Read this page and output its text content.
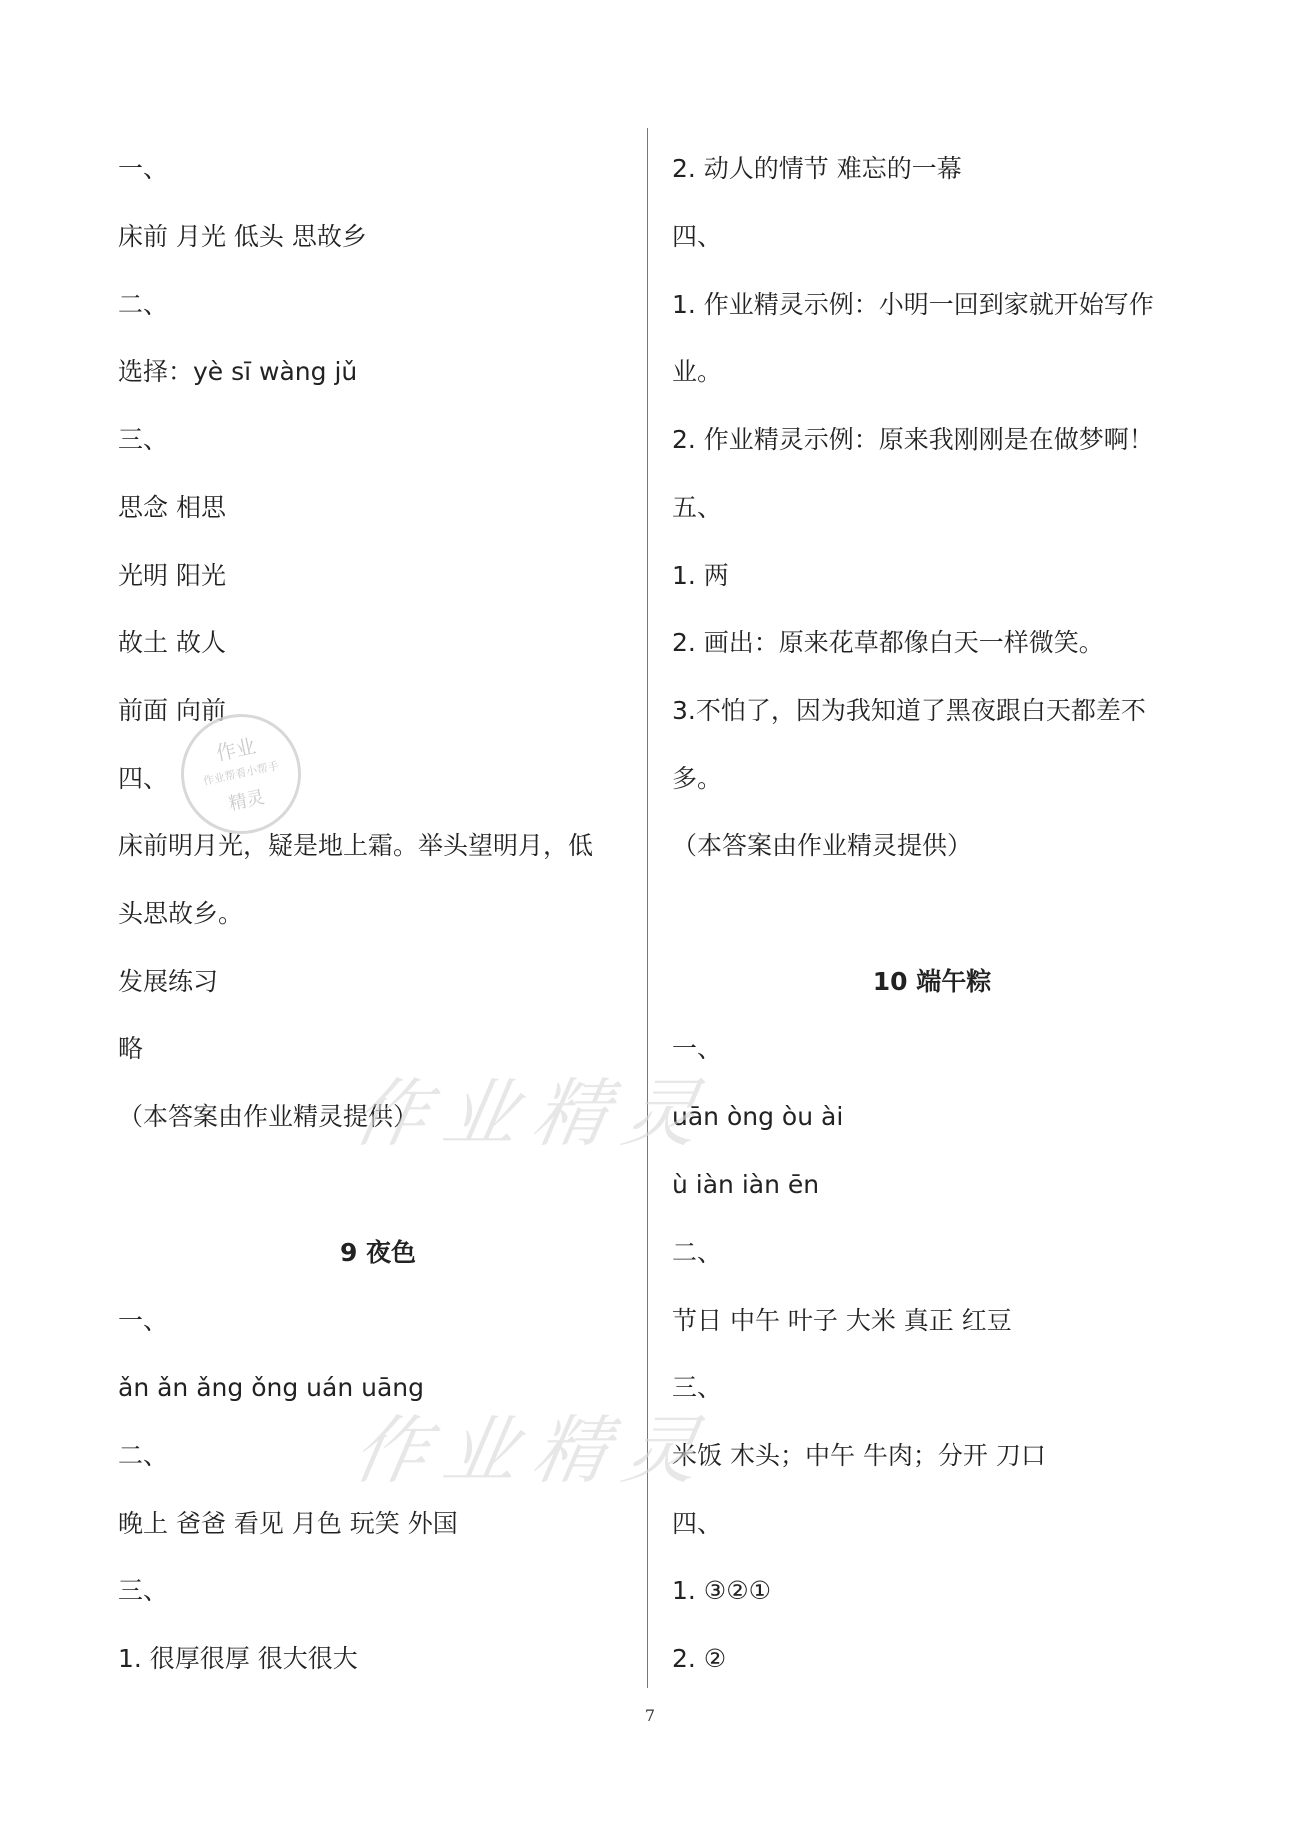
一、
床前 月光 低头 思故乡
二、
选择：yè sī wàng jǔ
三、
思念 相思
光明 阳光
故土 故人
前面 向前
四、
床前明月光，疑是地上霜。举头望明月，低
头思故乡。
发展练习
略
（本答案由作业精灵提供）
9 夜色
一、
ǎn ǎn ǎng ǒng uán uāng
二、
晚上 爸爸 看见 月色 玩笑 外国
三、
1. 很厚很厚 很大很大
2. 动人的情节 难忘的一幕
四、
1. 作业精灵示例：小明一回到家就开始写作
业。
2. 作业精灵示例：原来我刚刚是在做梦啊！
五、
1. 两
2. 画出：原来花草都像白天一样微笑。
3.不怕了，因为我知道了黑夜跟白天都差不
多。
（本答案由作业精灵提供）
10 端午粽
一、
uān òng òu ài
ù iàn iàn ēn
二、
节日 中午 叶子 大米 真正 红豆
三、
米饭 木头；中午 牛肉；分开 刀口
四、
1. ③②①
2. ②
作业
作业帮看小帮手
精灵
作业精灵
作业精灵
7
